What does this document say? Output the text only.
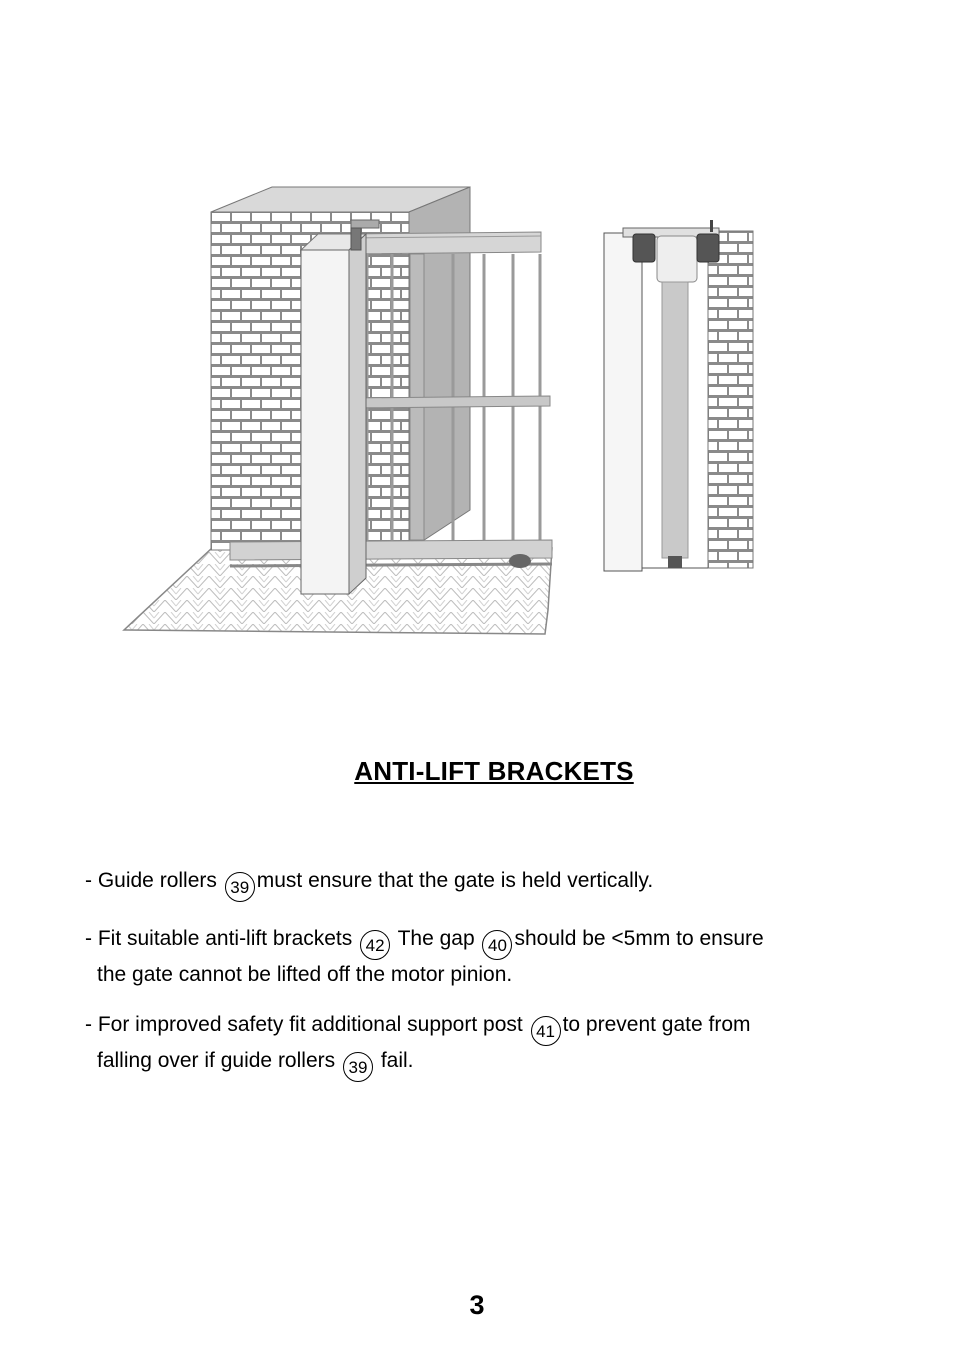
ANTI-LIFT BRACKETS
- Guide rollers 39 must ensure that the gate is held vertically.
- Fit suitable anti-lift brackets 42 The gap 40 should be <5mm to ensure
the gate cannot be lifted off the motor pinion.
- For improved safety fit additional support post 41 to prevent gate from
falling over if guide rollers 39 fail.
3
